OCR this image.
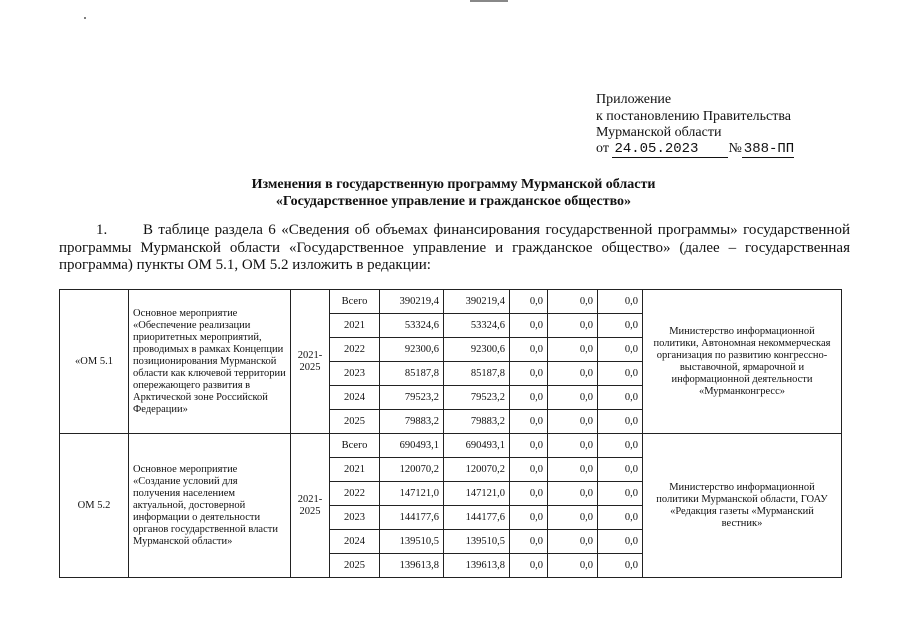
Приложение
к постановлению Правительства
Мурманской области
от 24.05.2023 № 388-ПП
Изменения в государственную программу Мурманской области
«Государственное управление и гражданское общество»
1. В таблице раздела 6 «Сведения об объемах финансирования государственной программы» государственной программы Мурманской области «Государственное управление и гражданское общество» (далее – государственная программа) пункты ОМ 5.1, ОМ 5.2 изложить в редакции:
«ОМ 5.1	Основное мероприятие «Обеспечение реализации приоритетных мероприятий, проводимых в рамках Концепции позиционирования Мурманской области как ключевой территории опережающего развития в Арктической зоне Российской Федерации»	2021-2025	Всего	390219,4	390219,4	0,0	0,0	0,0	Министерство информационной политики, Автономная некоммерческая организация по развитию конгрессно-выставочной, ярмарочной и информационной деятельности «Мурманконгресс»
			2021	53324,6	53324,6	0,0	0,0	0,0	
			2022	92300,6	92300,6	0,0	0,0	0,0	
			2023	85187,8	85187,8	0,0	0,0	0,0	
			2024	79523,2	79523,2	0,0	0,0	0,0	
			2025	79883,2	79883,2	0,0	0,0	0,0	
ОМ 5.2	Основное мероприятие «Создание условий для получения населением актуальной, достоверной информации о деятельности органов государственной власти Мурманской области»	2021-2025	Всего	690493,1	690493,1	0,0	0,0	0,0	Министерство информационной политики Мурманской области, ГОАУ «Редакция газеты «Мурманский вестник»
			2021	120070,2	120070,2	0,0	0,0	0,0	
			2022	147121,0	147121,0	0,0	0,0	0,0	
			2023	144177,6	144177,6	0,0	0,0	0,0	
			2024	139510,5	139510,5	0,0	0,0	0,0	
			2025	139613,8	139613,8	0,0	0,0	0,0	
